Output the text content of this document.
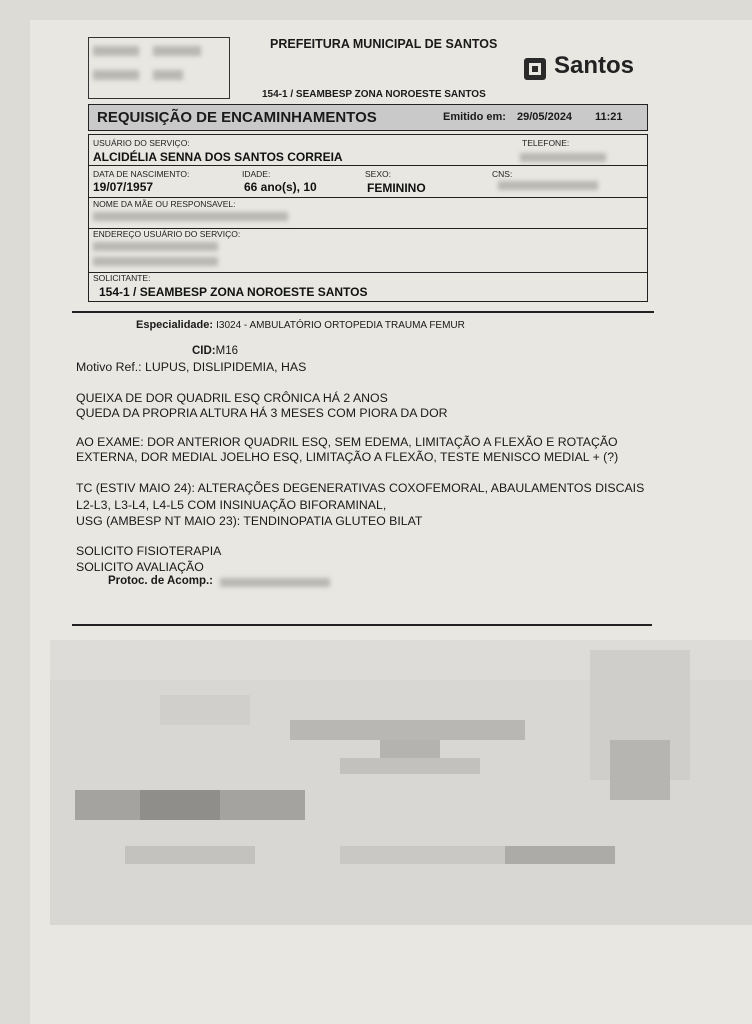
PREFEITURA MUNICIPAL DE SANTOS
154-1 / SEAMBESP ZONA NOROESTE SANTOS
Santos
REQUISIÇÃO DE ENCAMINHAMENTOS	Emitido em: 29/05/2024 11:21
USUÁRIO DO SERVIÇO:
ALCIDÉLIA SENNA DOS SANTOS CORREIA
TELEFONE:
DATA DE NASCIMENTO:
19/07/1957
IDADE:
66 ano(s), 10
SEXO:
FEMININO
CNS:
NOME DA MÃE OU RESPONSAVEL:
ENDEREÇO USUÁRIO DO SERVIÇO:
SOLICITANTE:
154-1 / SEAMBESP ZONA NOROESTE SANTOS
Especialidade: I3024 - AMBULATÓRIO ORTOPEDIA TRAUMA FEMUR
CID:M16
Motivo Ref.: LUPUS, DISLIPIDEMIA, HAS
QUEIXA DE DOR QUADRIL ESQ CRÔNICA HÁ 2 ANOS
QUEDA DA PROPRIA ALTURA HÁ 3 MESES COM PIORA DA DOR
AO EXAME: DOR ANTERIOR QUADRIL ESQ, SEM EDEMA, LIMITAÇÃO A FLEXÃO E ROTAÇÃO
EXTERNA, DOR MEDIAL JOELHO ESQ, LIMITAÇÃO A FLEXÃO, TESTE MENISCO MEDIAL + (?)
TC (ESTIV MAIO 24): ALTERAÇÕES DEGENERATIVAS COXOFEMORAL, ABAULAMENTOS DISCAIS
L2-L3, L3-L4, L4-L5 COM INSINUAÇÃO BIFORAMINAL,
USG (AMBESP NT MAIO 23): TENDINOPATIA GLUTEO BILAT
SOLICITO FISIOTERAPIA
SOLICITO AVALIAÇÃO
Protoc. de Acomp.:
